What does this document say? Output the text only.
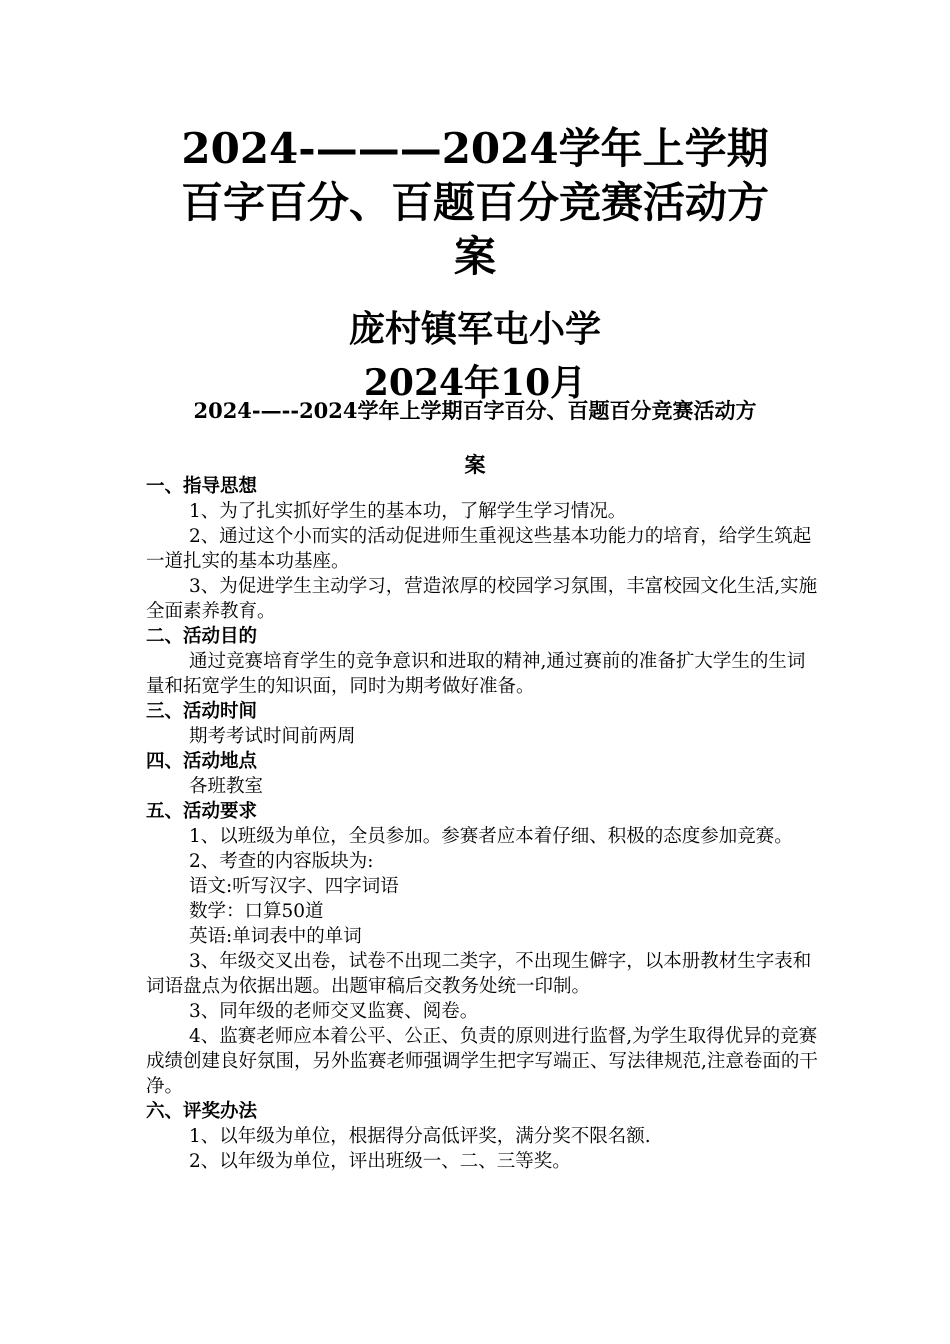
2024-———2024学年上学期
百字百分、百题百分竞赛活动方
案
庞村镇军屯小学
2024年10月
2024-—--2024学年上学期百字百分、百题百分竞赛活动方
案

一、指导思想

1、为了扎实抓好学生的基本功，了解学生学习情况。

2、通过这个小而实的活动促进师生重视这些基本功能力的培育，给学生筑起一道扎实的基本功基座。

3、为促进学生主动学习，营造浓厚的校园学习氛围，丰富校园文化生活,实施全面素养教育。

二、活动目的

通过竞赛培育学生的竞争意识和进取的精神,通过赛前的准备扩大学生的生词量和拓宽学生的知识面，同时为期考做好准备。

三、活动时间

期考考试时间前两周

四、活动地点

各班教室

五、活动要求

1、以班级为单位，全员参加。参赛者应本着仔细、积极的态度参加竞赛。

2、考查的内容版块为:

语文:听写汉字、四字词语

数学：口算50道

英语:单词表中的单词

3、年级交叉出卷，试卷不出现二类字，不出现生僻字，以本册教材生字表和词语盘点为依据出题。出题审稿后交教务处统一印制。

3、同年级的老师交叉监赛、阅卷。

4、监赛老师应本着公平、公正、负责的原则进行监督,为学生取得优异的竞赛成绩创建良好氛围，另外监赛老师强调学生把字写端正、写法律规范,注意卷面的干净。

六、评奖办法

1、以年级为单位，根据得分高低评奖，满分奖不限名额.

2、以年级为单位，评出班级一、二、三等奖。
